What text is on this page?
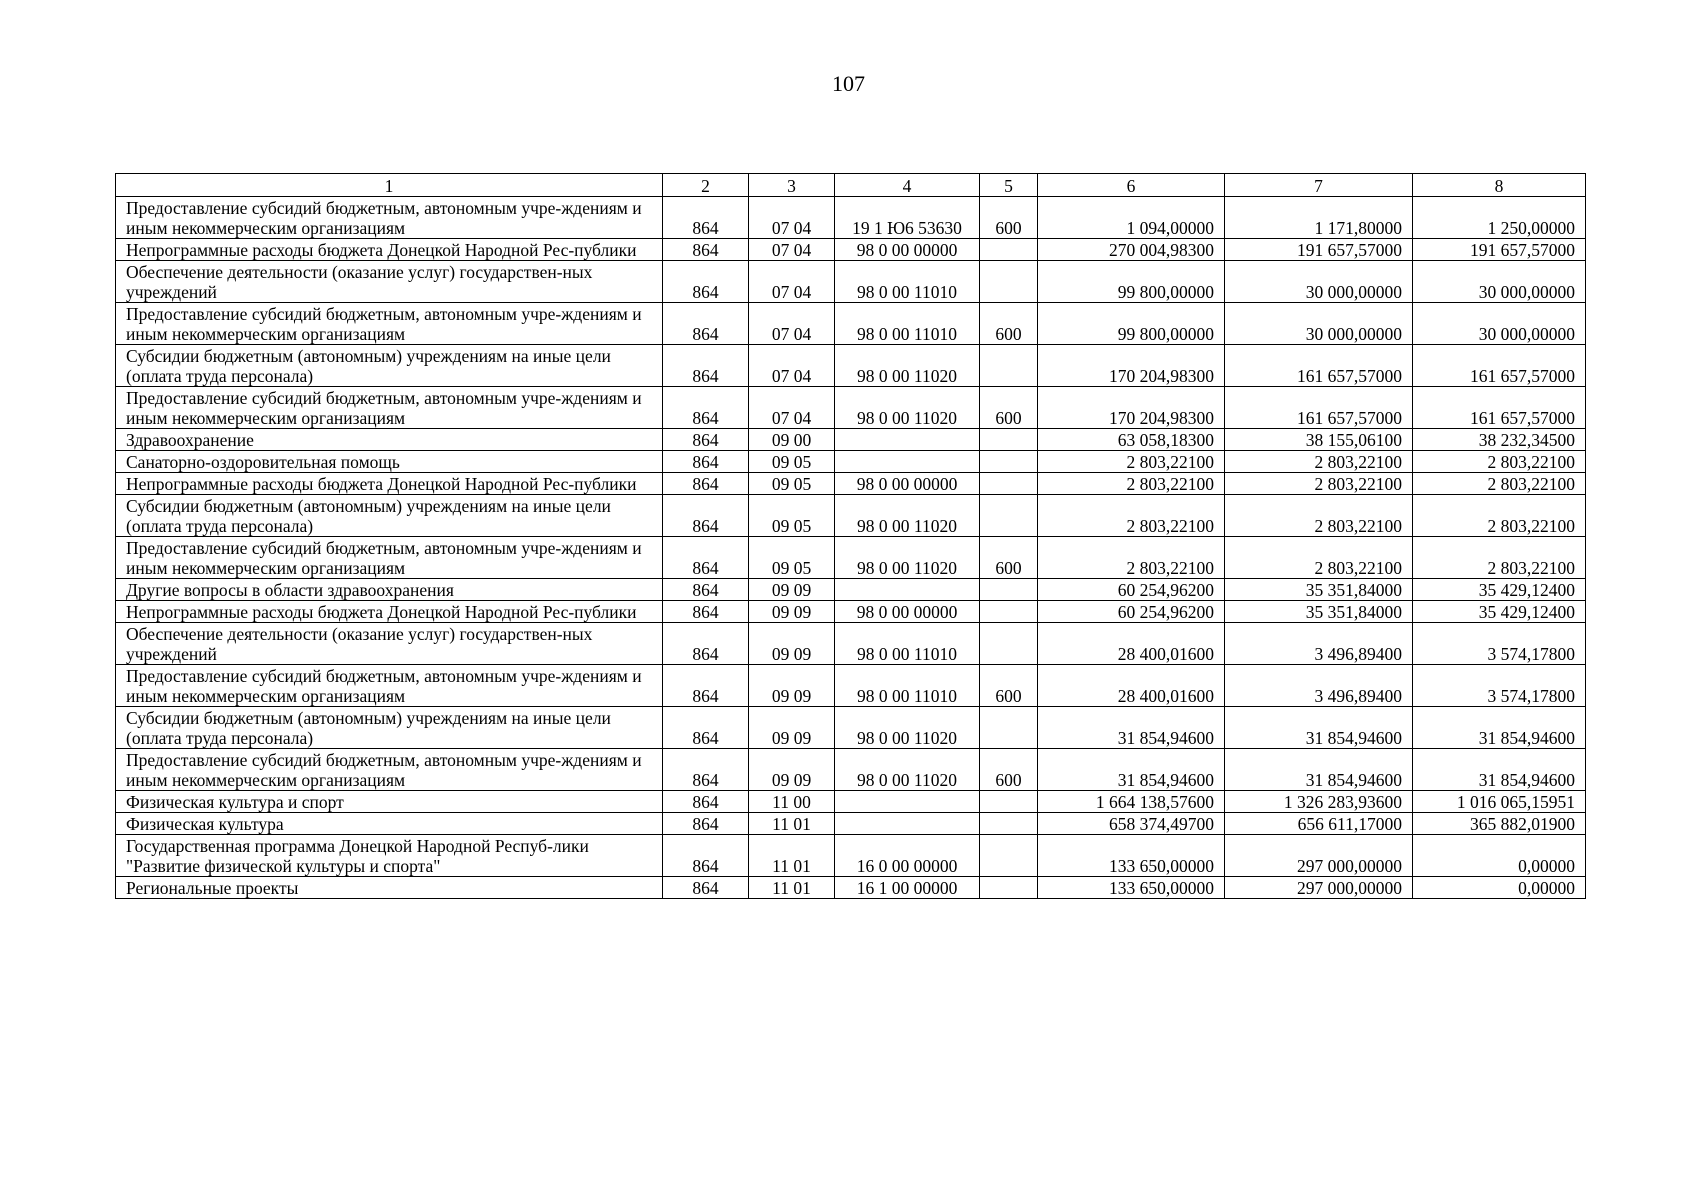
107
1	2	3	4	5	6	7	8
Предоставление субсидий бюджетным, автономным учре-ждениям и иным некоммерческим организациям	864	07 04	19 1 Ю6 53630	600	1 094,00000	1 171,80000	1 250,00000
Непрограммные расходы бюджета Донецкой Народной Рес-публики	864	07 04	98 0 00 00000		270 004,98300	191 657,57000	191 657,57000
Обеспечение деятельности (оказание услуг) государствен-ных учреждений	864	07 04	98 0 00 11010		99 800,00000	30 000,00000	30 000,00000
Предоставление субсидий бюджетным, автономным учре-ждениям и иным некоммерческим организациям	864	07 04	98 0 00 11010	600	99 800,00000	30 000,00000	30 000,00000
Субсидии бюджетным (автономным) учреждениям на иные цели (оплата труда персонала)	864	07 04	98 0 00 11020		170 204,98300	161 657,57000	161 657,57000
Предоставление субсидий бюджетным, автономным учре-ждениям и иным некоммерческим организациям	864	07 04	98 0 00 11020	600	170 204,98300	161 657,57000	161 657,57000
Здравоохранение	864	09 00			63 058,18300	38 155,06100	38 232,34500
Санаторно-оздоровительная помощь	864	09 05			2 803,22100	2 803,22100	2 803,22100
Непрограммные расходы бюджета Донецкой Народной Рес-публики	864	09 05	98 0 00 00000		2 803,22100	2 803,22100	2 803,22100
Субсидии бюджетным (автономным) учреждениям на иные цели (оплата труда персонала)	864	09 05	98 0 00 11020		2 803,22100	2 803,22100	2 803,22100
Предоставление субсидий бюджетным, автономным учре-ждениям и иным некоммерческим организациям	864	09 05	98 0 00 11020	600	2 803,22100	2 803,22100	2 803,22100
Другие вопросы в области здравоохранения	864	09 09			60 254,96200	35 351,84000	35 429,12400
Непрограммные расходы бюджета Донецкой Народной Рес-публики	864	09 09	98 0 00 00000		60 254,96200	35 351,84000	35 429,12400
Обеспечение деятельности (оказание услуг) государствен-ных учреждений	864	09 09	98 0 00 11010		28 400,01600	3 496,89400	3 574,17800
Предоставление субсидий бюджетным, автономным учре-ждениям и иным некоммерческим организациям	864	09 09	98 0 00 11010	600	28 400,01600	3 496,89400	3 574,17800
Субсидии бюджетным (автономным) учреждениям на иные цели (оплата труда персонала)	864	09 09	98 0 00 11020		31 854,94600	31 854,94600	31 854,94600
Предоставление субсидий бюджетным, автономным учре-ждениям и иным некоммерческим организациям	864	09 09	98 0 00 11020	600	31 854,94600	31 854,94600	31 854,94600
Физическая культура и спорт	864	11 00			1 664 138,57600	1 326 283,93600	1 016 065,15951
Физическая культура	864	11 01			658 374,49700	656 611,17000	365 882,01900
Государственная программа Донецкой Народной Респуб-лики "Развитие физической культуры и спорта"	864	11 01	16 0 00 00000		133 650,00000	297 000,00000	0,00000
Региональные проекты	864	11 01	16 1 00 00000		133 650,00000	297 000,00000	0,00000
